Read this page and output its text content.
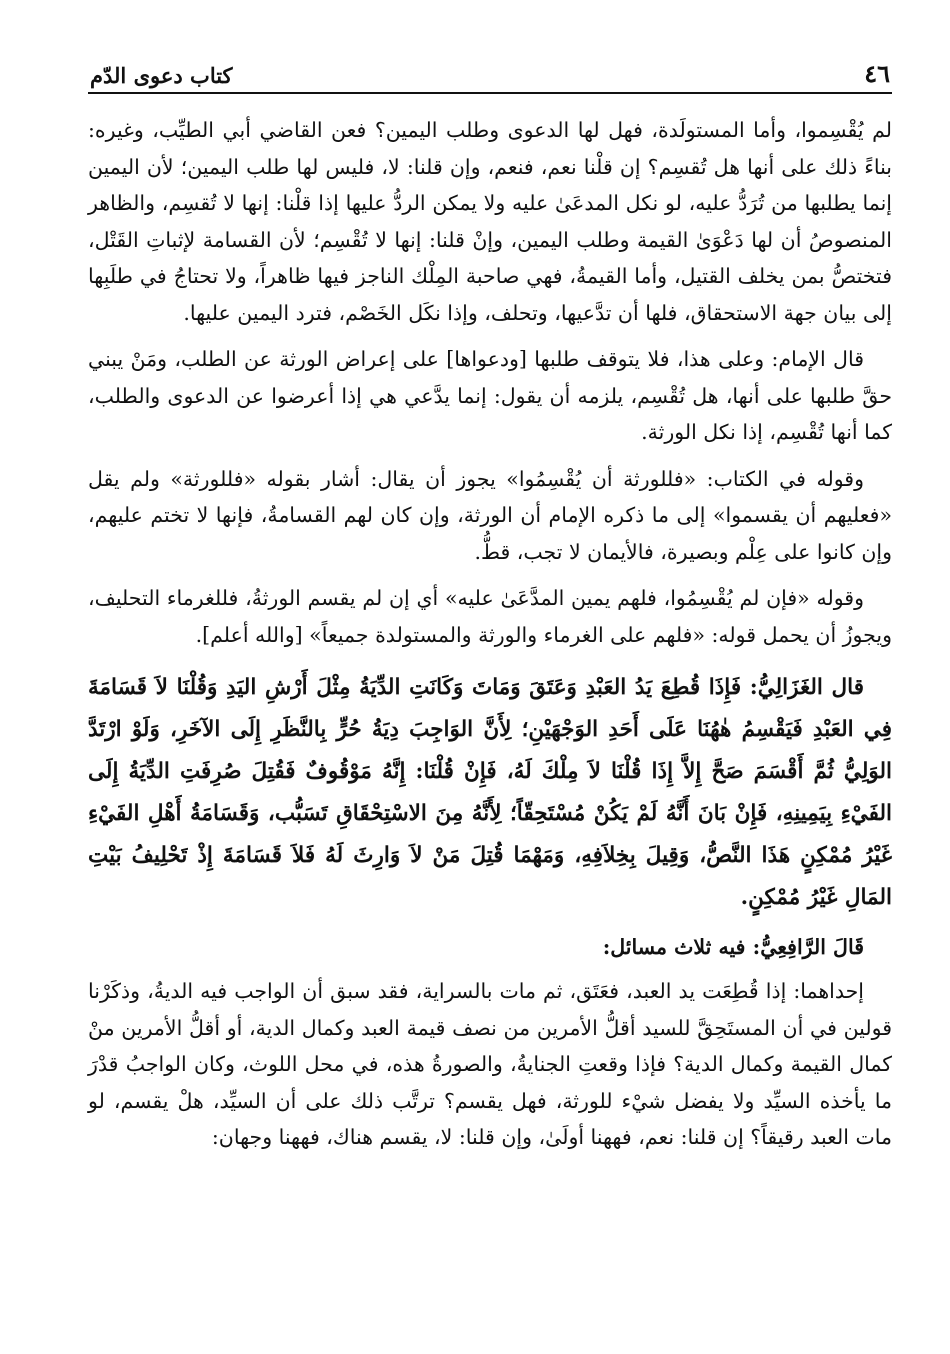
٤٦
كتاب دعوى الدّم

لم يُقْسِموا، وأما المستولَدة، فهل لها الدعوى وطلب اليمين؟ فعن القاضي أبي الطيِّب، وغيره: بناءً ذلك على أنها هل تُقسِم؟ إن قلْنا نعم، فنعم، وإن قلنا: لا، فليس لها طلب اليمين؛ لأن اليمين إنما يطلبها من تُرَدُّ عليه، لو نكل المدعَىٰ عليه ولا يمكن الردُّ عليها إذا قلْنا: إنها لا تُقسِم، والظاهر المنصوصُ أن لها دَعْوَىٰ القيمة وطلب اليمين، وإنْ قلنا: إنها لا تُقْسِم؛ لأن القسامة لإثباتِ القَتْل، فتختصُّ بمن يخلف القتيل، وأما القيمةُ، فهي صاحبة المِلْك الناجز فيها ظاهراً، ولا تحتاجُ في طلَبِها إلى بيان جهة الاستحقاق، فلها أن تدَّعيها، وتحلف، وإذا نكَل الخَصْم، فترد اليمين عليها.

قال الإمام: وعلى هذا، فلا يتوقف طلبها [ودعواها] على إعراض الورثة عن الطلب، ومَنْ يبني حقَّ طلبها على أنها، هل تُقْسِم، يلزمه أن يقول: إنما يدَّعي هي إذا أعرضوا عن الدعوى والطلب، كما أنها تُقْسِم، إذا نكل الورثة.

وقوله في الكتاب: «فللورثة أن يُقْسِمُوا» يجوز أن يقال: أشار بقوله «فللورثة» ولم يقل «فعليهم أن يقسموا» إلى ما ذكره الإمام أن الورثة، وإن كان لهم القسامةُ، فإنها لا تختم عليهم، وإن كانوا على عِلْم وبصيرة، فالأيمان لا تجب، قطُّ.

وقوله «فإن لم يُقْسِمُوا، فلهم يمين المدَّعَىٰ عليه» أي إن لم يقسم الورثةُ، فللغرماء التحليف، ويجوزُ أن يحمل قوله: «فلهم على الغرماء والورثة والمستولدة جميعاً» [والله أعلم].

قال الغَزَالِيُّ: فَإِذَا قُطِعَ يَدُ العَبْدِ وَعَتَقَ وَمَاتَ وَكَانَتِ الدِّيَةُ مِثْلَ أَرْشِ اليَدِ وَقُلْنَا لاَ قَسَامَةَ فِي العَبْدِ فَيَقْسِمُ هٰهُنَا عَلَى أَحَدِ الوَجْهَيْنِ؛ لِأَنَّ الوَاجِبَ دِيَةُ حُرٍّ بِالنَّظَرِ إِلَى الآخَرِ، وَلَوْ ارْتَدَّ الوَلِيُّ ثُمَّ أَقْسَمَ صَحَّ إِلاَّ إِذَا قُلْنَا لاَ مِلْكَ لَهُ، فَإِنْ قُلْنَا: إِنَّهُ مَوْقُوفٌ فَقُتِلَ صُرِفَتِ الدِّيَةُ إِلَى الفَيْءِ بِيَمِينِهِ، فَإِنْ بَانَ أَنَّهُ لَمْ يَكُنْ مُسْتَحِقّاً؛ لِأَنَّهُ مِنَ الاسْتِحْقَاقِ تَسَبُّب، وَقَسَامَةُ أَهْلِ الفَيْءِ غَيْرُ مُمْكِنٍ هَذَا النَّصُّ، وَقِيلَ بِخِلاَفِهِ، وَمَهْمَا قُتِلَ مَنْ لاَ وَارِثَ لَهُ فَلاَ قَسَامَةَ إِذْ تَحْلِيفُ بَيْتِ المَالِ غَيْرُ مُمْكِنٍ.

قَالَ الرَّافِعِيُّ: فيه ثلاث مسائل:

إحداهما: إذا قُطِعَت يد العبد، فعَتَق، ثم مات بالسراية، فقد سبق أن الواجب فيه الديةُ، وذكَرْنا قولين في أن المستَحِقَّ للسيد أقلُّ الأمرين من نصف قيمة العبد وكمال الدية، أو أقلُّ الأمرين منْ كمال القيمة وكمال الدية؟ فإذا وقعتِ الجنايةُ، والصورةُ هذه، في محل اللوث، وكان الواجبُ قدْرَ ما يأخذه السيِّد ولا يفضل شيْء للورثة، فهل يقسم؟ ترتَّب ذلك على أن السيِّد، هلْ يقسم، لو مات العبد رقيقاً؟ إن قلنا: نعم، فههنا أولَىٰ، وإن قلنا: لا، يقسم هناك، فههنا وجهان:
